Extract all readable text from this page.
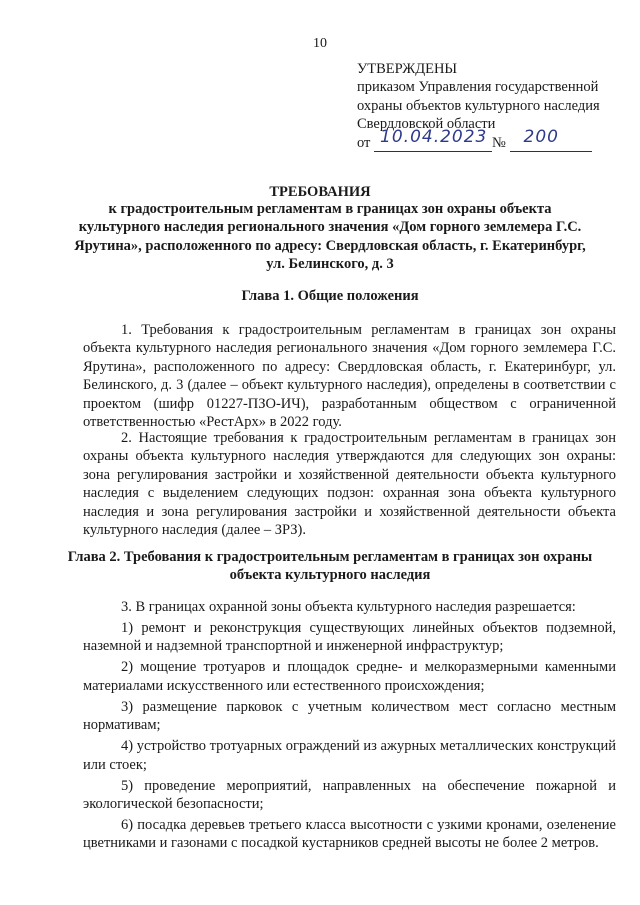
10
УТВЕРЖДЕНЫ
приказом Управления государственной
охраны объектов культурного наследия
Свердловской области
от 10.04.2023 № 200
ТРЕБОВАНИЯ
к градостроительным регламентам в границах зон охраны объекта культурного наследия регионального значения «Дом горного землемера Г.С. Ярутина», расположенного по адресу: Свердловская область, г. Екатеринбург, ул. Белинского, д. 3
Глава 1. Общие положения
1. Требования к градостроительным регламентам в границах зон охраны объекта культурного наследия регионального значения «Дом горного землемера Г.С. Ярутина», расположенного по адресу: Свердловская область, г. Екатеринбург, ул. Белинского, д. 3 (далее – объект культурного наследия), определены в соответствии с проектом (шифр 01227-ПЗО-ИЧ), разработанным обществом с ограниченной ответственностью «РестАрх» в 2022 году.
2. Настоящие требования к градостроительным регламентам в границах зон охраны объекта культурного наследия утверждаются для следующих зон охраны: зона регулирования застройки и хозяйственной деятельности объекта культурного наследия с выделением следующих подзон: охранная зона объекта культурного наследия и зона регулирования застройки и хозяйственной деятельности объекта культурного наследия (далее – ЗРЗ).
Глава 2. Требования к градостроительным регламентам в границах зон охраны объекта культурного наследия

3. В границах охранной зоны объекта культурного наследия разрешается:

1) ремонт и реконструкция существующих линейных объектов подземной, наземной и надземной транспортной и инженерной инфраструктур;

2) мощение тротуаров и площадок средне- и мелкоразмерными каменными материалами искусственного или естественного происхождения;

3) размещение парковок с учетным количеством мест согласно местным нормативам;

4) устройство тротуарных ограждений из ажурных металлических конструкций или стоек;

5) проведение мероприятий, направленных на обеспечение пожарной и экологической безопасности;

6) посадка деревьев третьего класса высотности с узкими кронами, озеленение цветниками и газонами с посадкой кустарников средней высоты не более 2 метров.
